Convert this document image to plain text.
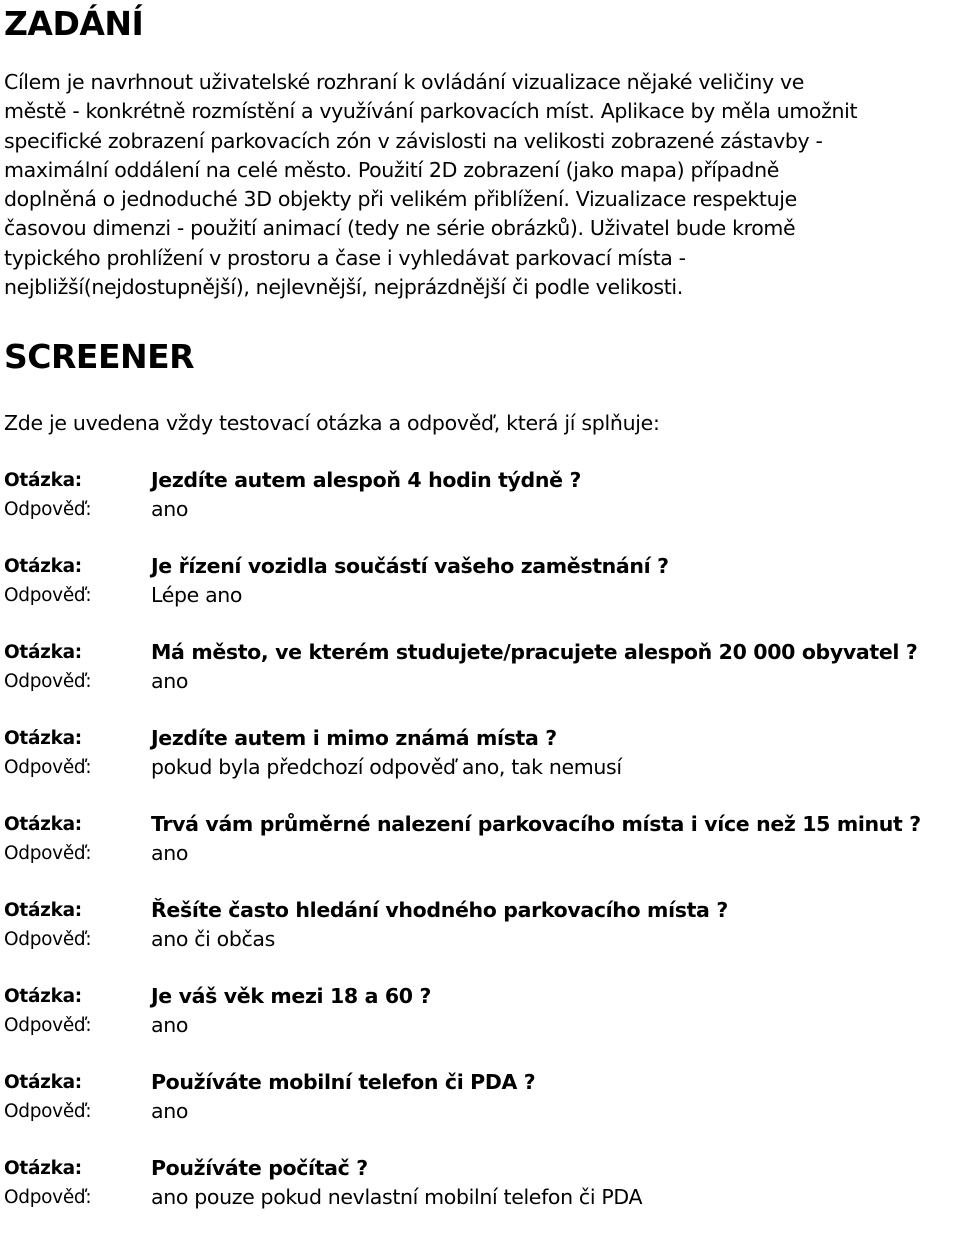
ZADÁNÍ

Cílem je navrhnout uživatelské rozhraní k ovládání vizualizace nějaké veličiny ve
městě - konkrétně rozmístění a využívání parkovacích míst. Aplikace by měla umožnit
specifické zobrazení parkovacích zón v závislosti na velikosti zobrazené zástavby -
maximální oddálení na celé město. Použití 2D zobrazení (jako mapa) případně
doplněná o jednoduché 3D objekty při velikém přiblížení. Vizualizace respektuje
časovou dimenzi - použití animací (tedy ne série obrázků). Uživatel bude kromě
typického prohlížení v prostoru a čase i vyhledávat parkovací místa -
nejbližší(nejdostupnější), nejlevnější, nejprázdnější či podle velikosti.

SCREENER

Zde je uvedena vždy testovací otázka a odpověď, která jí splňuje:

Otázka:	Jezdíte autem alespoň 4 hodin týdně ?
Odpověď:	ano
Otázka:	Je řízení vozidla součástí vašeho zaměstnání ?
Odpověď:	Lépe ano
Otázka:	Má město, ve kterém studujete/pracujete alespoň 20 000 obyvatel ?
Odpověď:	ano
Otázka:	Jezdíte autem i mimo známá místa ?
Odpověď:	pokud byla předchozí odpověď ano, tak nemusí
Otázka:	Trvá vám průměrné nalezení parkovacího místa i více než 15 minut ?
Odpověď:	ano
Otázka:	Řešíte často hledání vhodného parkovacího místa ?
Odpověď:	ano či občas
Otázka:	Je váš věk mezi 18 a 60 ?
Odpověď:	ano
Otázka:	Používáte mobilní telefon či PDA ?
Odpověď:	ano
Otázka:	Používáte počítač ?
Odpověď:	ano pouze pokud nevlastní mobilní telefon či PDA
